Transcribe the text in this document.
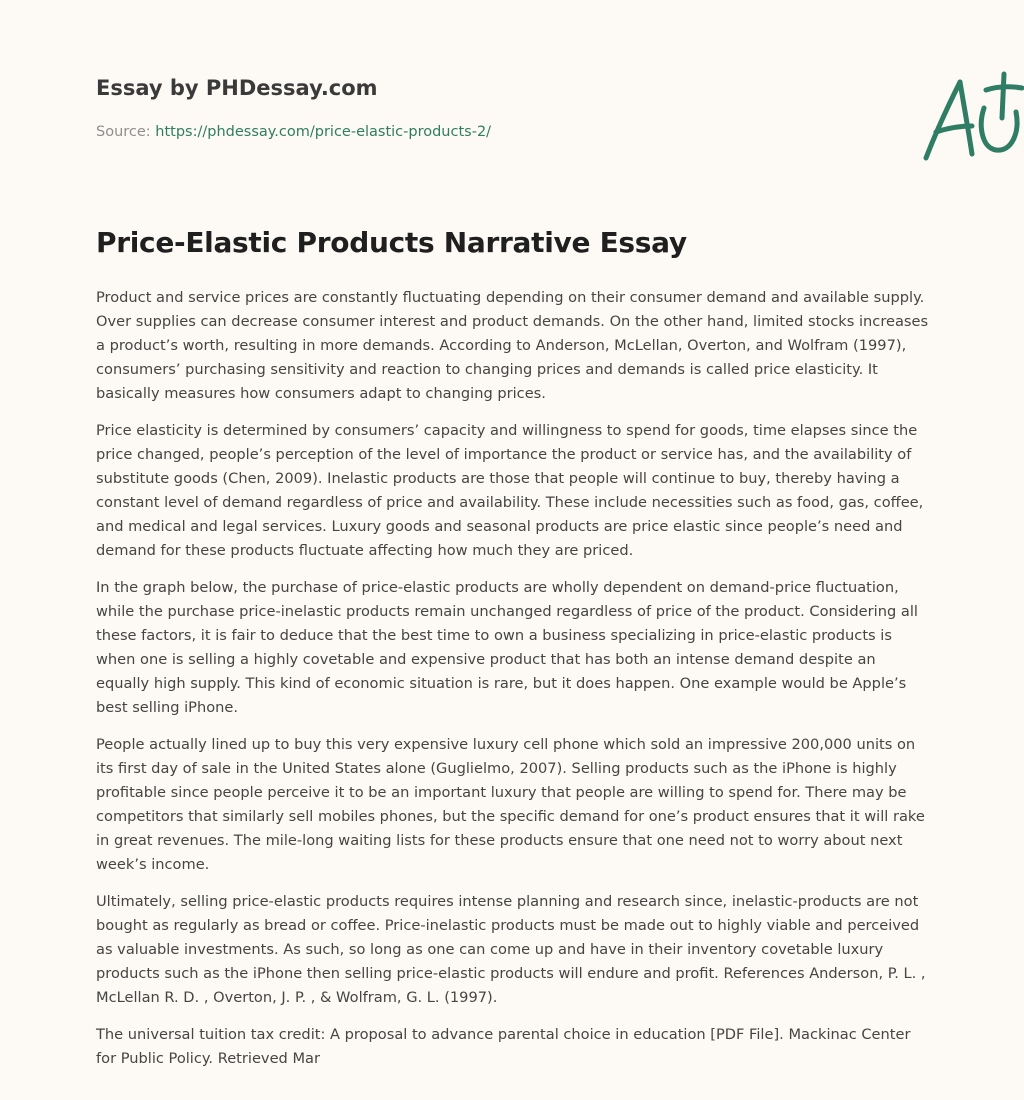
Essay by PHDessay.com
Source: https://phdessay.com/price-elastic-products-2/
Price-Elastic Products Narrative Essay

Product and service prices are constantly fluctuating depending on their consumer demand and available supply. Over supplies can decrease consumer interest and product demands. On the other hand, limited stocks increases a product’s worth, resulting in more demands. According to Anderson, McLellan, Overton, and Wolfram (1997), consumers’ purchasing sensitivity and reaction to changing prices and demands is called price elasticity. It basically measures how consumers adapt to changing prices.

Price elasticity is determined by consumers’ capacity and willingness to spend for goods, time elapses since the price changed, people’s perception of the level of importance the product or service has, and the availability of substitute goods (Chen, 2009). Inelastic products are those that people will continue to buy, thereby having a constant level of demand regardless of price and availability. These include necessities such as food, gas, coffee, and medical and legal services. Luxury goods and seasonal products are price elastic since people’s need and demand for these products fluctuate affecting how much they are priced.

In the graph below, the purchase of price-elastic products are wholly dependent on demand-price fluctuation, while the purchase price-inelastic products remain unchanged regardless of price of the product. Considering all these factors, it is fair to deduce that the best time to own a business specializing in price-elastic products is when one is selling a highly covetable and expensive product that has both an intense demand despite an equally high supply. This kind of economic situation is rare, but it does happen. One example would be Apple’s best selling iPhone.

People actually lined up to buy this very expensive luxury cell phone which sold an impressive 200,000 units on its first day of sale in the United States alone (Guglielmo, 2007). Selling products such as the iPhone is highly profitable since people perceive it to be an important luxury that people are willing to spend for. There may be competitors that similarly sell mobiles phones, but the specific demand for one’s product ensures that it will rake in great revenues. The mile-long waiting lists for these products ensure that one need not to worry about next week’s income.

Ultimately, selling price-elastic products requires intense planning and research since, inelastic-products are not bought as regularly as bread or coffee. Price-inelastic products must be made out to highly viable and perceived as valuable investments. As such, so long as one can come up and have in their inventory covetable luxury products such as the iPhone then selling price-elastic products will endure and profit. References Anderson, P. L. , McLellan R. D. , Overton, J. P. , & Wolfram, G. L. (1997).

The universal tuition tax credit: A proposal to advance parental choice in education [PDF File]. Mackinac Center for Public Policy. Retrieved Mar
